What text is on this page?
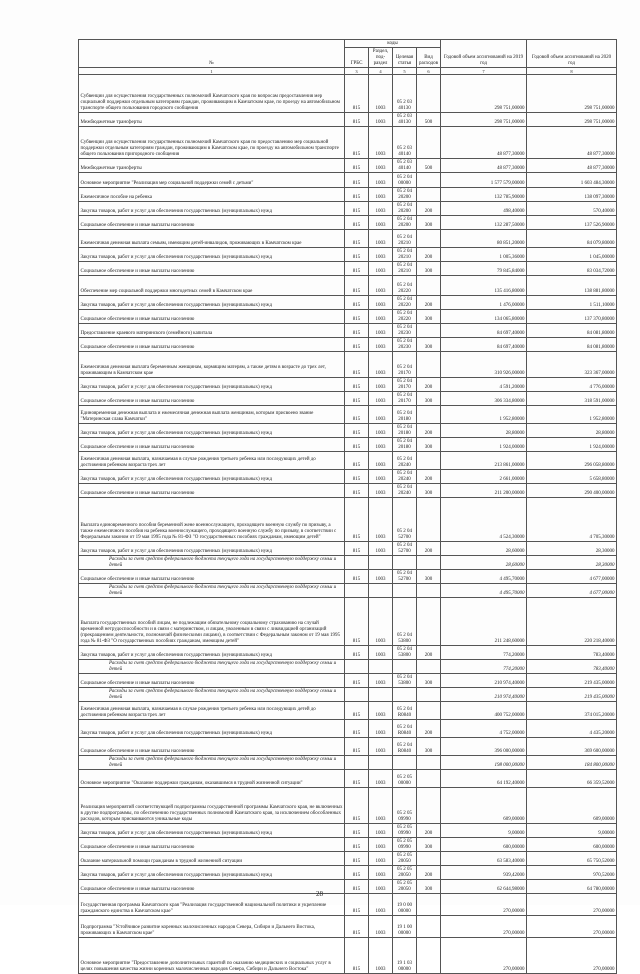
№	коды				Годовой объем ассигнований на 2019 год	Годовой объем ассигнований на 2020 год
	ГРБС	Раздел, под-раздел	Целевая статья	Вид расходов		
1	3	4	5	6	7	8
Субвенции для осуществления государственных полномочий Камчатского края по вопросам предоставления мер социальной поддержки отдельным категориям граждан, проживающим в Камчатском крае, по проезду на автомобильном транспорте общего пользования городского сообщения	815	1003	05 2 03 40130		298 751,00000	298 751,00000
Межбюджетные трансферты	815	1003	05 2 03 40130	500	298 751,00000	298 751,00000
Субвенции для осуществления государственных полномочий Камчатского края по предоставлению мер социальной поддержки отдельным категориям граждан, проживающим в Камчатском крае, по проезду на автомобильном транспорте общего пользования пригородного сообщения	815	1003	05 2 03 40140		48 877,30000	48 877,30000
Межбюджетные трансферты	815	1003	05 2 03 40140	500	48 877,30000	48 877,30000
Основное мероприятие "Реализация мер социальной поддержки семей с детьми"	815	1003	05 2 04 00000		1 577 579,00000	1 603 484,30000
Ежемесячное пособие на ребенка	815	1003	05 2 04 20200		132 785,90000	138 097,30000
Закупка товаров, работ и услуг для обеспечения государственных (муниципальных) нужд	815	1003	05 2 04 20200	200	498,40000	570,40000
Социальное обеспечение и иные выплаты населению	815	1003	05 2 04 20200	300	132 287,50000	137 526,90000
Ежемесячная денежная выплата семьям, имеющим детей-инвалидов, проживающих в Камчатском крае	815	1003	05 2 04 20210		80 851,20000	84 079,80000
Закупка товаров, работ и услуг для обеспечения государственных (муниципальных) нужд	815	1003	05 2 04 20210	200	1 005,36000	1 045,00000
Социальное обеспечение и иные выплаты населению	815	1003	05 2 04 20210	300	79 845,84000	83 034,72000
Обеспечение мер социальной поддержки многодетных семей в Камчатском крае	815	1003	05 2 04 20220		135 416,80000	138 881,80000
Закупка товаров, работ и услуг для обеспечения государственных (муниципальных) нужд	815	1003	05 2 04 20220	200	1 476,00000	1 511,10000
Социальное обеспечение и иные выплаты населению	815	1003	05 2 04 20220	300	134 065,80000	137 370,80000
Предоставление краевого материнского (семейного) капитала	815	1003	05 2 04 20230		84 697,40000	84 081,80000
Социальное обеспечение и иные выплаты населению	815	1003	05 2 04 20230	300	84 697,40000	84 081,80000
Ежемесячная денежная выплата беременным женщинам, кормящим матерям, а также детям в возрасте до трех лет, проживающим в Камчатском крае	815	1003	05 2 04 20170		310 926,00000	323 367,00000
Закупка товаров, работ и услуг для обеспечения государственных (муниципальных) нужд	815	1003	05 2 04 20170	200	4 591,20000	4 776,00000
Социальное обеспечение и иные выплаты населению	815	1003	05 2 04 20170	300	306 334,80000	318 591,00000
Единовременная денежная выплата и ежемесячная денежная выплата женщинам, которым присвоено звание "Материнская слава Камчатки"	815	1003	05 2 04 20180		1 952,80000	1 952,80000
Закупка товаров, работ и услуг для обеспечения государственных (муниципальных) нужд	815	1003	05 2 04 20180	200	28,80000	28,80000
Социальное обеспечение и иные выплаты населению	815	1003	05 2 04 20180	300	1 924,00000	1 924,00000
Ежемесячная денежная выплата, назначаемая в случае рождения третьего ребенка или последующих детей до достижения ребенком возраста трех лет	815	1003	05 2 04 20240		213 861,00000	296 058,80000
Закупка товаров, работ и услуг для обеспечения государственных (муниципальных) нужд	815	1003	05 2 04 20240	200	2 661,00000	5 658,80000
Социальное обеспечение и иные выплаты населению	815	1003	05 2 04 20240	300	211 200,00000	290 400,00000
Выплата единовременного пособия беременной жене военнослужащего, проходящего военную службу по призыву, а также ежемесячного пособия на ребенка военнослужащего, проходящего военную службу по призыву, в соответствии с Федеральным законом от 19 мая 1995 года № 81-ФЗ "О государственных пособиях гражданам, имеющим детей"	815	1003	05 2 04 52700		4 524,30000	4 705,30000
Закупка товаров, работ и услуг для обеспечения государственных (муниципальных) нужд	815	1003	05 2 04 52700	200	28,60000	28,30000
Расходы за счет средств федерального бюджета текущего года на государственную поддержку семьи и детей					28,60000	28,30000
Социальное обеспечение и иные выплаты населению	815	1003	05 2 04 52700	300	4 495,70000	4 677,00000
Расходы за счет средств федерального бюджета текущего года на государственную поддержку семьи и детей					4 495,70000	4 677,00000
Выплата государственных пособий лицам, не подлежащим обязательному социальному страхованию на случай временной нетрудоспособности и в связи с материнством, и лицам, уволенным в связи с ликвидацией организаций (прекращением деятельности, полномочий физическими лицами), в соответствии с Федеральным законом от 19 мая 1995 года № 81-ФЗ "О государственных пособиях гражданам, имеющим детей"	815	1003	05 2 04 53800		211 248,60000	220 218,40000
Закупка товаров, работ и услуг для обеспечения государственных (муниципальных) нужд	815	1003	05 2 04 53800	200	774,20000	783,40000
Расходы за счет средств федерального бюджета текущего года на государственную поддержку семьи и детей					774,20000	783,40000
Социальное обеспечение и иные выплаты населению	815	1003	05 2 04 53800	300	210 974,40000	219 435,00000
Расходы за счет средств федерального бюджета текущего года на государственную поддержку семьи и детей					210 974,40000	219 435,00000
Ежемесячная денежная выплата, назначаемая в случае рождения третьего ребенка или последующих детей до достижения ребенком возраста трех лет	815	1003	05 2 04 R0840		400 752,00000	374 015,20000
Закупка товаров, работ и услуг для обеспечения государственных (муниципальных) нужд	815	1003	05 2 04 R0840	200	4 752,00000	4 435,20000
Социальное обеспечение и иные выплаты населению	815	1003	05 2 04 R0840	300	396 000,00000	369 600,00000
Расходы за счет средств федерального бюджета текущего года на государственную поддержку семьи и детей					198 000,00000	184 800,00000
Основное мероприятие "Оказание поддержки гражданам, оказавшимся в трудной жизненной ситуации"	815	1003	05 2 05 00000		64 192,40000	66 359,52000
Реализация мероприятий соответствующей подпрограммы государственной программы Камчатского края, не включенных в другие подпрограммы, по обеспечению государственных полномочий Камчатского края, за исключением обособленных расходов, которым присваиваются уникальные коды	815	1003	05 2 05 09990		609,00000	609,00000
Закупка товаров, работ и услуг для обеспечения государственных (муниципальных) нужд	815	1003	05 2 05 09990	200	9,00000	9,00000
Социальное обеспечение и иные выплаты населению	815	1003	05 2 05 09990	300	600,00000	600,00000
Оказание материальной помощи гражданам в трудной жизненной ситуации	815	1003	05 2 05 20050		63 583,40000	65 750,52000
Закупка товаров, работ и услуг для обеспечения государственных (муниципальных) нужд	815	1003	05 2 05 20050	200	939,42000	970,52000
Социальное обеспечение и иные выплаты населению	815	1003	05 2 05 20050	300	62 644,98000	64 780,00000
Государственная программа Камчатского края "Реализация государственной национальной политики и укрепление гражданского единства в Камчатском крае"	815	1003	19 0 00 00000		270,00000	270,00000
Подпрограмма "Устойчивое развитие коренных малочисленных народов Севера, Сибири и Дальнего Востока, проживающих в Камчатском крае"	815	1003	19 1 00 00000		270,00000	270,00000
Основное мероприятие "Предоставление дополнительных гарантий по оказанию медицинских и социальных услуг в целях повышения качества жизни коренных малочисленных народов Севера, Сибири и Дальнего Востока"	815	1003	19 1 03 00000		270,00000	270,00000
28
